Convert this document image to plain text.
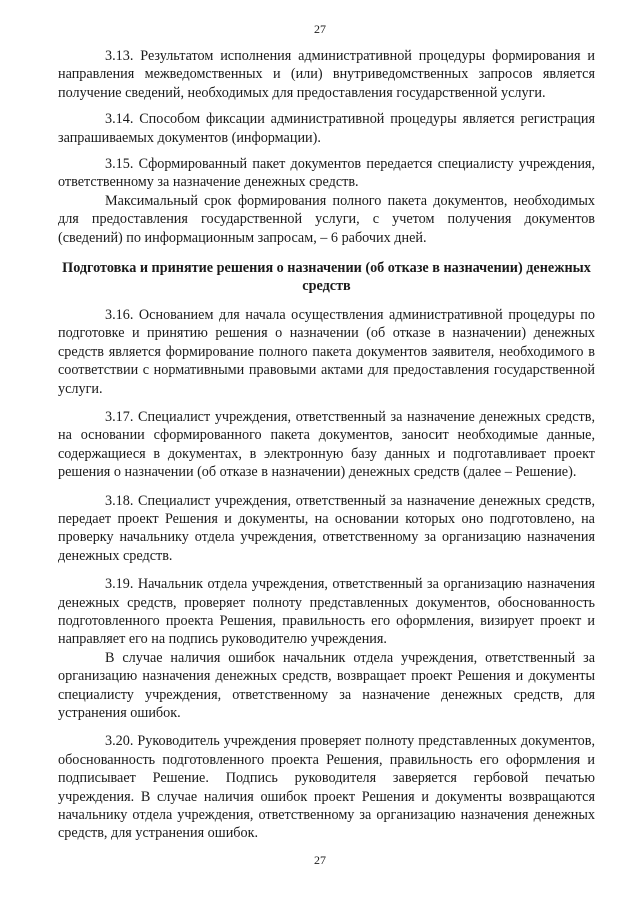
27

3.13. Результатом исполнения административной процедуры формирования и направления межведомственных и (или) внутриведомственных запросов является получение сведений, необходимых для предоставления государственной услуги.

3.14. Способом фиксации административной процедуры является регистрация запрашиваемых документов (информации).

3.15. Сформированный пакет документов передается специалисту учреждения, ответственному за назначение денежных средств.

Максимальный срок формирования полного пакета документов, необходимых для предоставления государственной услуги, с учетом получения документов (сведений) по информационным запросам, – 6 рабочих дней.

Подготовка и принятие решения о назначении (об отказе в назначении) денежных средств

3.16. Основанием для начала осуществления административной процедуры по подготовке и принятию решения о назначении (об отказе в назначении) денежных средств является формирование полного пакета документов заявителя, необходимого в соответствии с нормативными правовыми актами для предоставления государственной услуги.

3.17. Специалист учреждения, ответственный за назначение денежных средств, на основании сформированного пакета документов, заносит необходимые данные, содержащиеся в документах, в электронную базу данных и подготавливает проект решения о назначении (об отказе в назначении) денежных средств (далее – Решение).

3.18. Специалист учреждения, ответственный за назначение денежных средств, передает проект Решения и документы, на основании которых оно подготовлено, на проверку начальнику отдела учреждения, ответственному за организацию назначения денежных средств.

3.19. Начальник отдела учреждения, ответственный за организацию назначения денежных средств, проверяет полноту представленных документов, обоснованность подготовленного проекта Решения, правильность его оформления, визирует проект и направляет его на подпись руководителю учреждения.

В случае наличия ошибок начальник отдела учреждения, ответственный за организацию назначения денежных средств, возвращает проект Решения и документы специалисту учреждения, ответственному за назначение денежных средств, для устранения ошибок.

3.20. Руководитель учреждения проверяет полноту представленных документов, обоснованность подготовленного проекта Решения, правильность его оформления и подписывает Решение. Подпись руководителя заверяется гербовой печатью учреждения. В случае наличия ошибок проект Решения и документы возвращаются начальнику отдела учреждения, ответственному за организацию назначения денежных средств, для устранения ошибок.

27
